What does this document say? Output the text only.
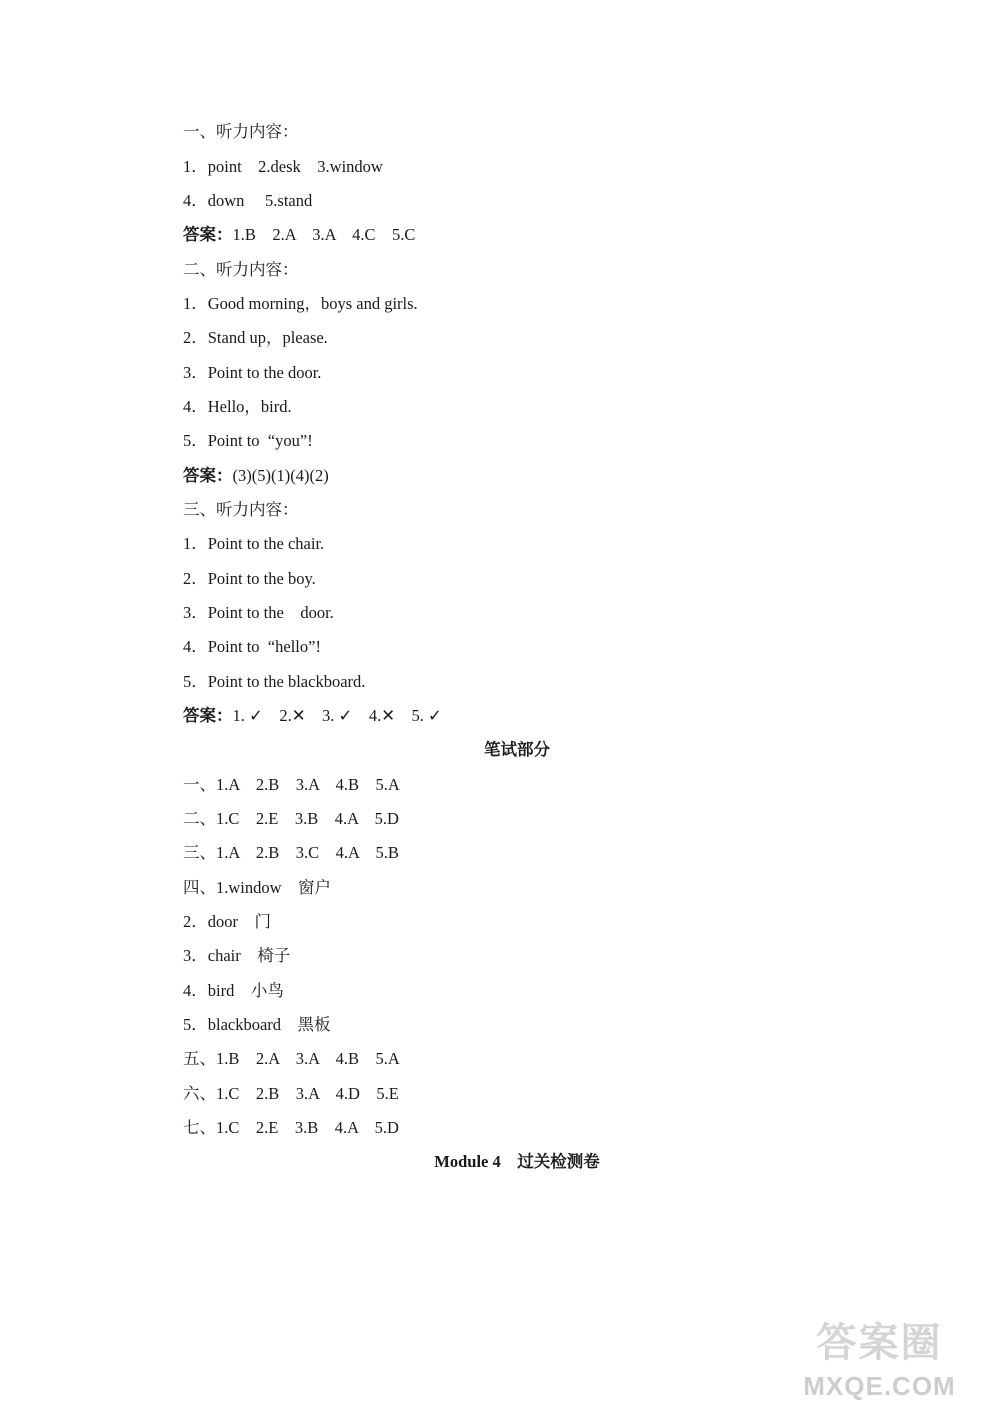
一、听力内容：
1．point    2.desk    3.window
4．down     5.stand
答案：1.B    2.A    3.A    4.C    5.C
二、听力内容：
1．Good morning，boys and girls.
2．Stand up，please.
3．Point to the door.
4．Hello，bird.
5．Point to  “you”!
答案：(3)(5)(1)(4)(2)
三、听力内容：
1．Point to the chair.
2．Point to the boy.
3．Point to the    door.
4．Point to  “hello”!
5．Point to the blackboard.
答案：1. ✓    2.✕    3. ✓    4.✕    5. ✓
笔试部分
一、1.A    2.B    3.A    4.B    5.A
二、1.C    2.E    3.B    4.A    5.D
三、1.A    2.B    3.C    4.A    5.B
四、1.window    窗户
2．door    门
3．chair    椅子
4．bird    小鸟
5．blackboard    黑板
五、1.B    2.A    3.A    4.B    5.A
六、1.C    2.B    3.A    4.D    5.E
七、1.C    2.E    3.B    4.A    5.D
Module 4    过关检测卷
答案圈
MXQE.COM
